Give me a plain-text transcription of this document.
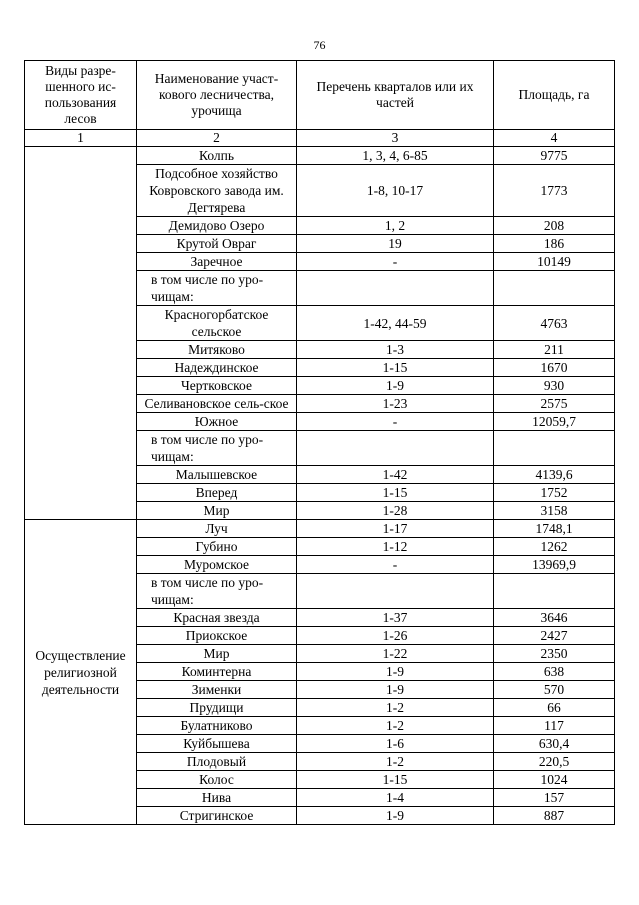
76
Виды разре-шенного ис-пользования лесов	Наименование участ-кового лесничества, урочища	Перечень кварталов или их частей	Площадь, га
1	2	3	4
	Колпь	1, 3, 4, 6-85	9775
	Подсобное хозяйство Ковровского завода им. Дегтярева	1-8, 10-17	1773
	Демидово Озеро	1, 2	208
	Крутой Овраг	19	186
	Заречное	-	10149
	в том числе по уро-чищам:		
	Красногорбатское сельское	1-42, 44-59	4763
	Митяково	1-3	211
	Надеждинское	1-15	1670
	Чертковское	1-9	930
	Селивановское сель-ское	1-23	2575
	Южное	-	12059,7
	в том числе по уро-чищам:		
	Малышевское	1-42	4139,6
	Вперед	1-15	1752
	Мир	1-28	3158
Осуществление религиозной деятельности	Луч	1-17	1748,1
	Губино	1-12	1262
	Муромское	-	13969,9
	в том числе по уро-чищам:		
	Красная звезда	1-37	3646
	Приокское	1-26	2427
	Мир	1-22	2350
	Коминтерна	1-9	638
	Зименки	1-9	570
	Прудищи	1-2	66
	Булатниково	1-2	117
	Куйбышева	1-6	630,4
	Плодовый	1-2	220,5
	Колос	1-15	1024
	Нива	1-4	157
	Стригинское	1-9	887
